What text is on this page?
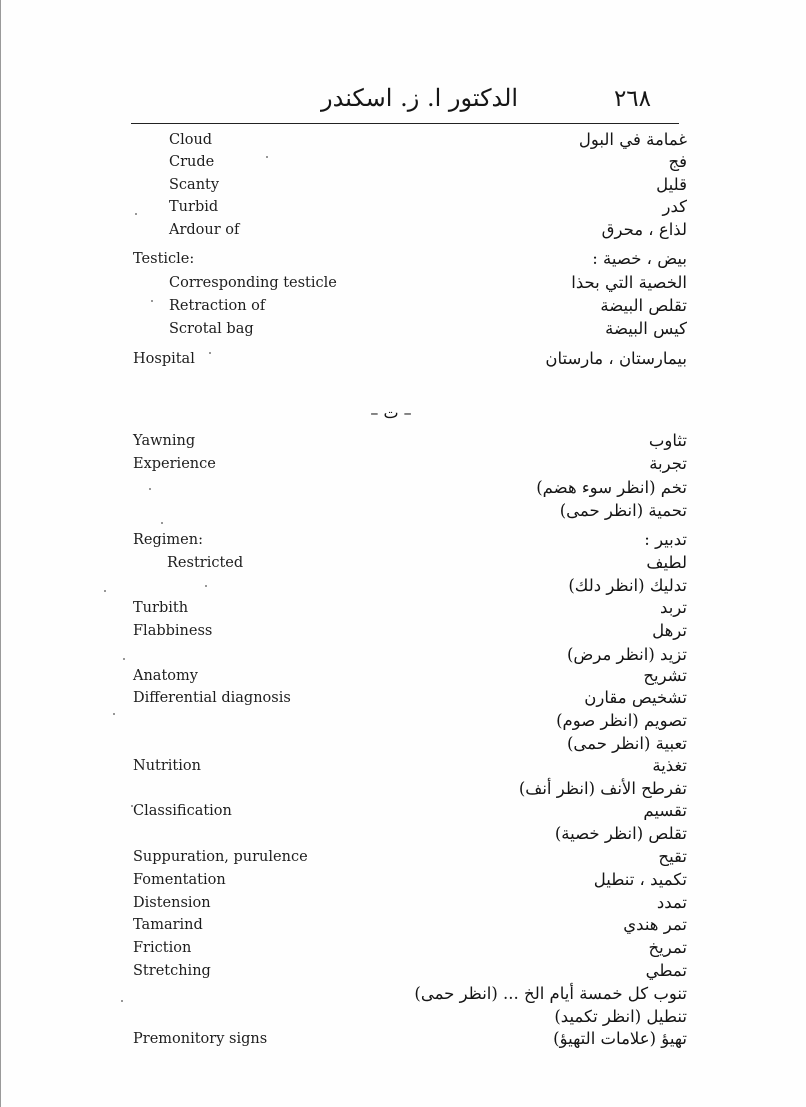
الدكتور ا. ز. اسكندر	٢٦٨
– ت –
Cloud	غمامة في البول
Crude	فج
Scanty	قليل
Turbid	كدر
Ardour of	لذاع ، محرق
Testicle:	بيض ، خصية :
Corresponding testicle	الخصية التي بحذا
Retraction of	تقلص البيضة
Scrotal bag	كيس البيضة
Hospital	بيمارستان ، مارستان
Yawning	تثاوب
Experience	تجربة
تخم (انظر سوء هضم)
تحمية (انظر حمى)
Regimen:	تدبير :
Restricted	لطيف
تدليك (انظر دلك)
Turbith	تربد
Flabbiness	ترهل
تزيد (انظر مرض)
Anatomy	تشريح
Differential diagnosis	تشخيص مقارن
تصويم (انظر صوم)
تعبية (انظر حمى)
Nutrition	تغذية
تفرطح الأنف (انظر أنف)
Classification	تقسيم
تقلص (انظر خصية)
Suppuration, purulence	تقيح
Fomentation	تكميد ، تنطيل
Distension	تمدد
Tamarind	تمر هندي
Friction	تمريخ
Stretching	تمطي
تنوب كل خمسة أيام الخ ... (انظر حمى)
تنطيل (انظر تكميد)
Premonitory signs	تهيؤ (علامات التهيؤ)
